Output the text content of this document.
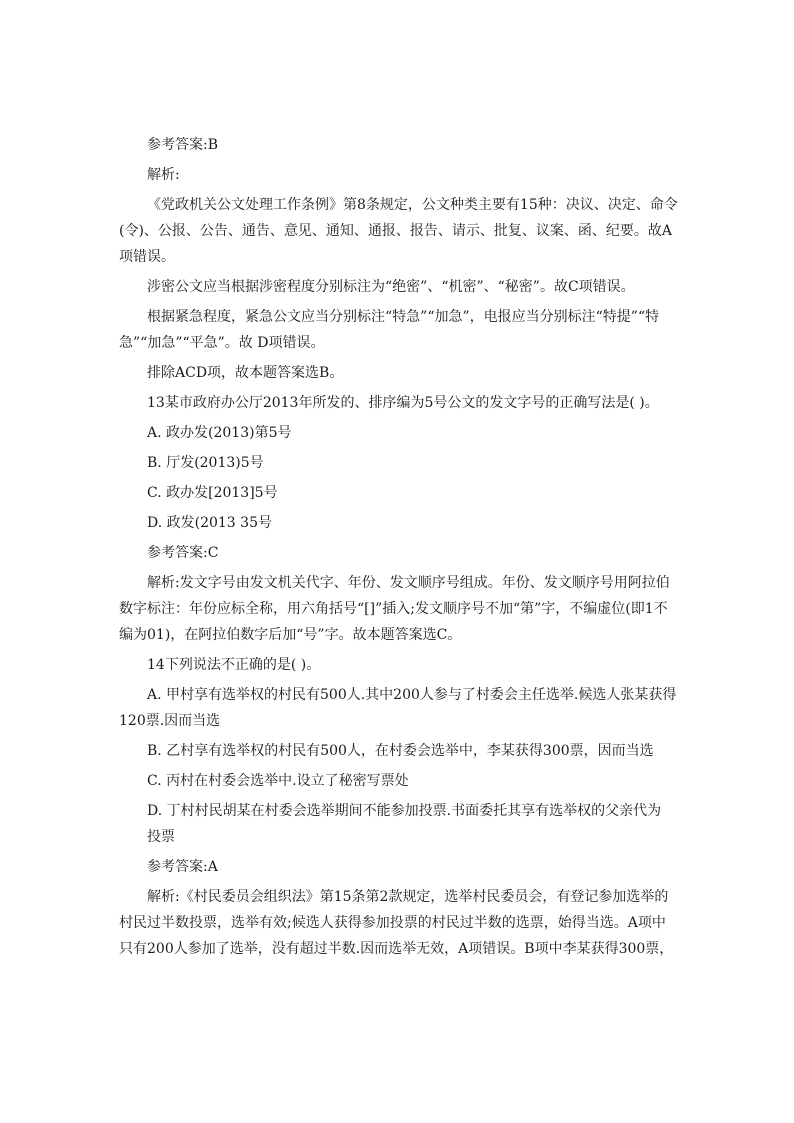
参考答案:B

解析:

《党政机关公文处理工作条例》第8条规定，公文种类主要有15种：决议、决定、命令(令)、公报、公告、通告、意见、通知、通报、报告、请示、批复、议案、函、纪要。故A项错误。

涉密公文应当根据涉密程度分别标注为“绝密”、“机密”、“秘密”。故C项错误。

根据紧急程度，紧急公文应当分别标注“特急”“加急”，电报应当分别标注“特提”“特急”“加急”“平急”。故 D项错误。

排除ACD项，故本题答案选B。

13某市政府办公厅2013年所发的、排序编为5号公文的发文字号的正确写法是( )。

A. 政办发(2013)第5号

B. 厅发(2013)5号

C. 政办发[2013]5号

D. 政发(2013 35号

参考答案:C

解析:发文字号由发文机关代字、年份、发文顺序号组成。年份、发文顺序号用阿拉伯数字标注：年份应标全称，用六角括号“[]”插入;发文顺序号不加“第”字，不编虚位(即1不编为01)，在阿拉伯数字后加“号”字。故本题答案选C。

14下列说法不正确的是( )。

A. 甲村享有选举权的村民有500人.其中200人参与了村委会主任选举.候选人张某获得120票.因而当选

B. 乙村享有选举权的村民有500人，在村委会选举中，李某获得300票，因而当选

C. 丙村在村委会选举中.设立了秘密写票处

D. 丁村村民胡某在村委会选举期间不能参加投票.书面委托其享有选举权的父亲代为

投票

参考答案:A

解析:《村民委员会组织法》第15条第2款规定，选举村民委员会，有登记参加选举的村民过半数投票，选举有效;候选人获得参加投票的村民过半数的选票，始得当选。A项中只有200人参加了选举，没有超过半数.因而选举无效，A项错误。B项中李某获得300票，
